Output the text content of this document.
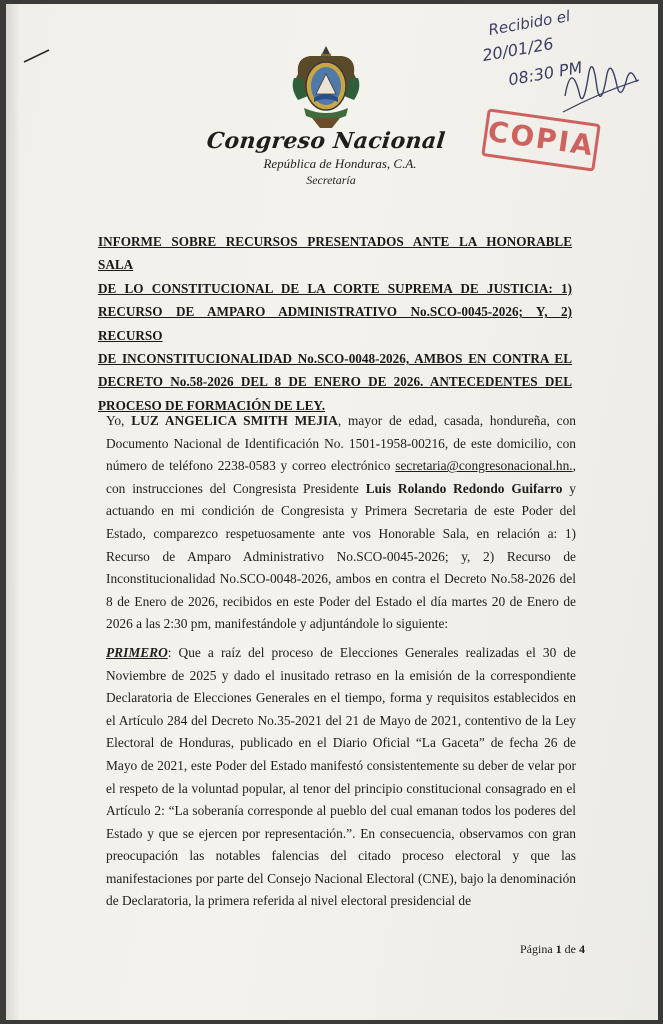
Congreso Nacional
República de Honduras, C.A.
Secretaría
Recibido el
20/01/26
08:30 PM
COPIA
INFORME SOBRE RECURSOS PRESENTADOS ANTE LA HONORABLE SALA
DE LO CONSTITUCIONAL DE LA CORTE SUPREMA DE JUSTICIA: 1)
RECURSO DE AMPARO ADMINISTRATIVO No.SCO-0045-2026; Y, 2) RECURSO
DE INCONSTITUCIONALIDAD No.SCO-0048-2026, AMBOS EN CONTRA EL
DECRETO No.58-2026 DEL 8 DE ENERO DE 2026. ANTECEDENTES DEL
PROCESO DE FORMACIÓN DE LEY.

Yo, LUZ ANGELICA SMITH MEJIA, mayor de edad, casada, hondureña, con Documento Nacional de Identificación No. 1501-1958-00216, de este domicilio, con número de teléfono 2238-0583 y correo electrónico secretaria@congresonacional.hn., con instrucciones del Congresista Presidente Luis Rolando Redondo Guifarro y actuando en mi condición de Congresista y Primera Secretaria de este Poder del Estado, comparezco respetuosamente ante vos Honorable Sala, en relación a: 1) Recurso de Amparo Administrativo No.SCO-0045-2026; y, 2) Recurso de Inconstitucionalidad No.SCO-0048-2026, ambos en contra el Decreto No.58-2026 del 8 de Enero de 2026, recibidos en este Poder del Estado el día martes 20 de Enero de 2026 a las 2:30 pm, manifestándole y adjuntándole lo siguiente:

PRIMERO: Que a raíz del proceso de Elecciones Generales realizadas el 30 de Noviembre de 2025 y dado el inusitado retraso en la emisión de la correspondiente Declaratoria de Elecciones Generales en el tiempo, forma y requisitos establecidos en el Artículo 284 del Decreto No.35-2021 del 21 de Mayo de 2021, contentivo de la Ley Electoral de Honduras, publicado en el Diario Oficial “La Gaceta” de fecha 26 de Mayo de 2021, este Poder del Estado manifestó consistentemente su deber de velar por el respeto de la voluntad popular, al tenor del principio constitucional consagrado en el Artículo 2: “La soberanía corresponde al pueblo del cual emanan todos los poderes del Estado y que se ejercen por representación.”. En consecuencia, observamos con gran preocupación las notables falencias del citado proceso electoral y que las manifestaciones por parte del Consejo Nacional Electoral (CNE), bajo la denominación de Declaratoria, la primera referida al nivel electoral presidencial de

Página 1 de 4
